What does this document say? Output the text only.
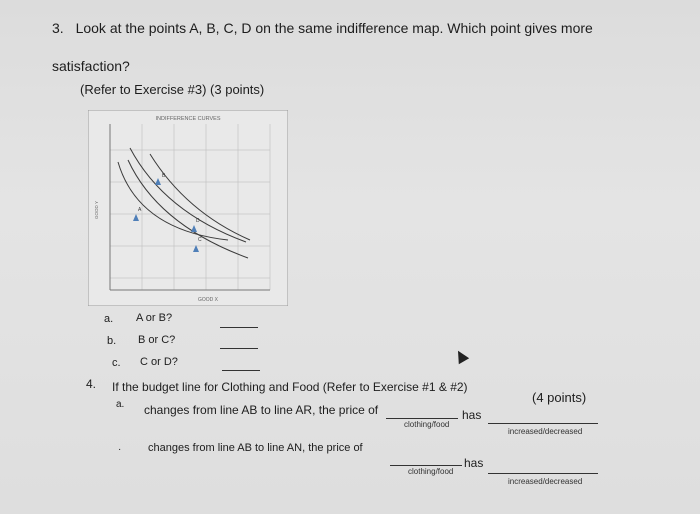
3. Look at the points A, B, C, D on the same indifference map. Which point gives more
satisfaction?
(Refer to Exercise #3) (3 points)
INDIFFERENCE CURVES
GOOD X
GOOD Y	A
B
C
D
a. A or B?
b. B or C?
c. C or D?
4. If the budget line for Clothing and Food (Refer to Exercise #1 & #2)
(4 points)
a. changes from line AB to line AR, the price of
clothing/food
has
increased/decreased
· changes from line AB to line AN, the price of
clothing/food
has
increased/decreased
